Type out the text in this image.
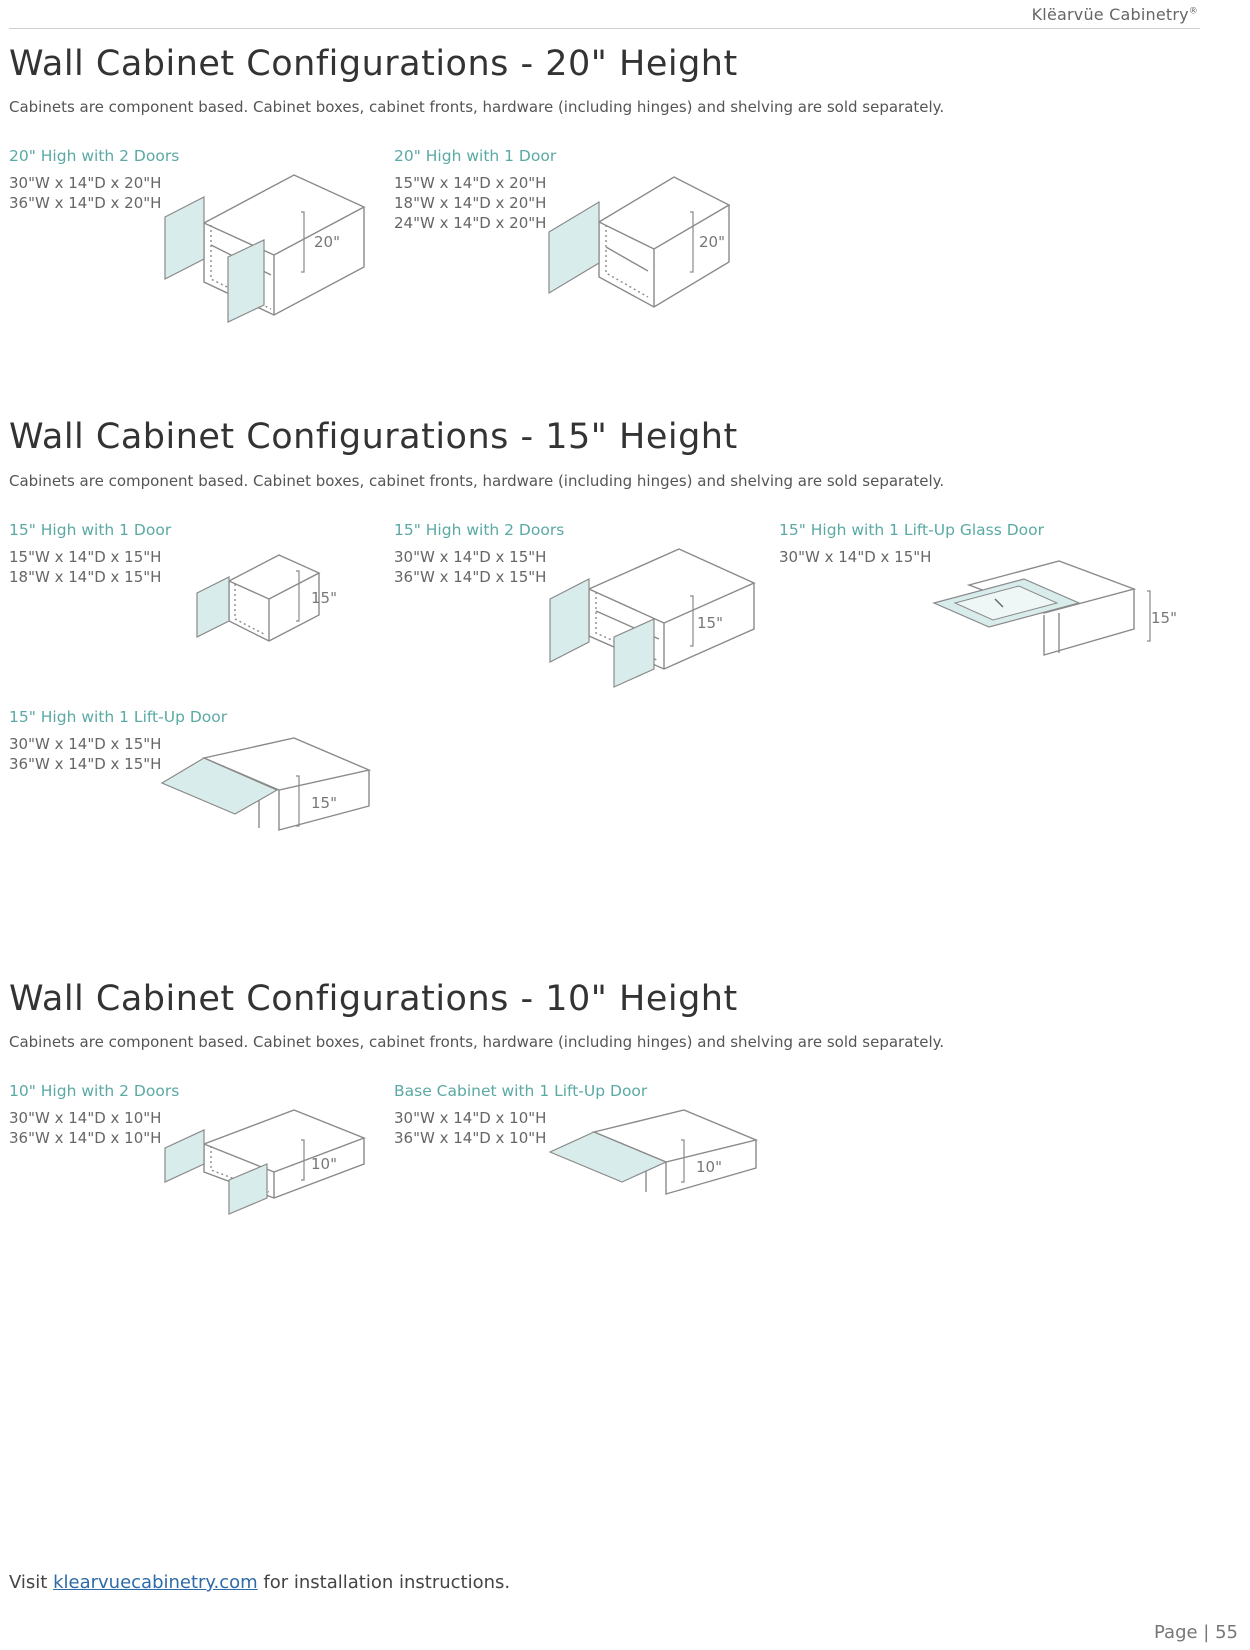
Klëarvüe Cabinetry®
Wall Cabinet Configurations - 20" Height
Cabinets are component based. Cabinet boxes, cabinet fronts, hardware (including hinges) and shelving are sold separately.
20" High with 2 Doors
30"W x 14"D x 20"H
36"W x 14"D x 20"H
20"
20" High with 1 Door
15"W x 14"D x 20"H
18"W x 14"D x 20"H
24"W x 14"D x 20"H
20"
Wall Cabinet Configurations - 15" Height
Cabinets are component based. Cabinet boxes, cabinet fronts, hardware (including hinges) and shelving are sold separately.
15" High with 1 Door
15"W x 14"D x 15"H
18"W x 14"D x 15"H
15"
15" High with 2 Doors
30"W x 14"D x 15"H
36"W x 14"D x 15"H
15"
15" High with 1 Lift-Up Glass Door
30"W x 14"D x 15"H
15"
15" High with 1 Lift-Up Door
30"W x 14"D x 15"H
36"W x 14"D x 15"H
15"
Wall Cabinet Configurations - 10" Height
Cabinets are component based. Cabinet boxes, cabinet fronts, hardware (including hinges) and shelving are sold separately.
10" High with 2 Doors
30"W x 14"D x 10"H
36"W x 14"D x 10"H
10"
Base Cabinet with 1 Lift-Up Door
30"W x 14"D x 10"H
36"W x 14"D x 10"H
10"
Visit klearvuecabinetry.com for installation instructions.
Page | 55
